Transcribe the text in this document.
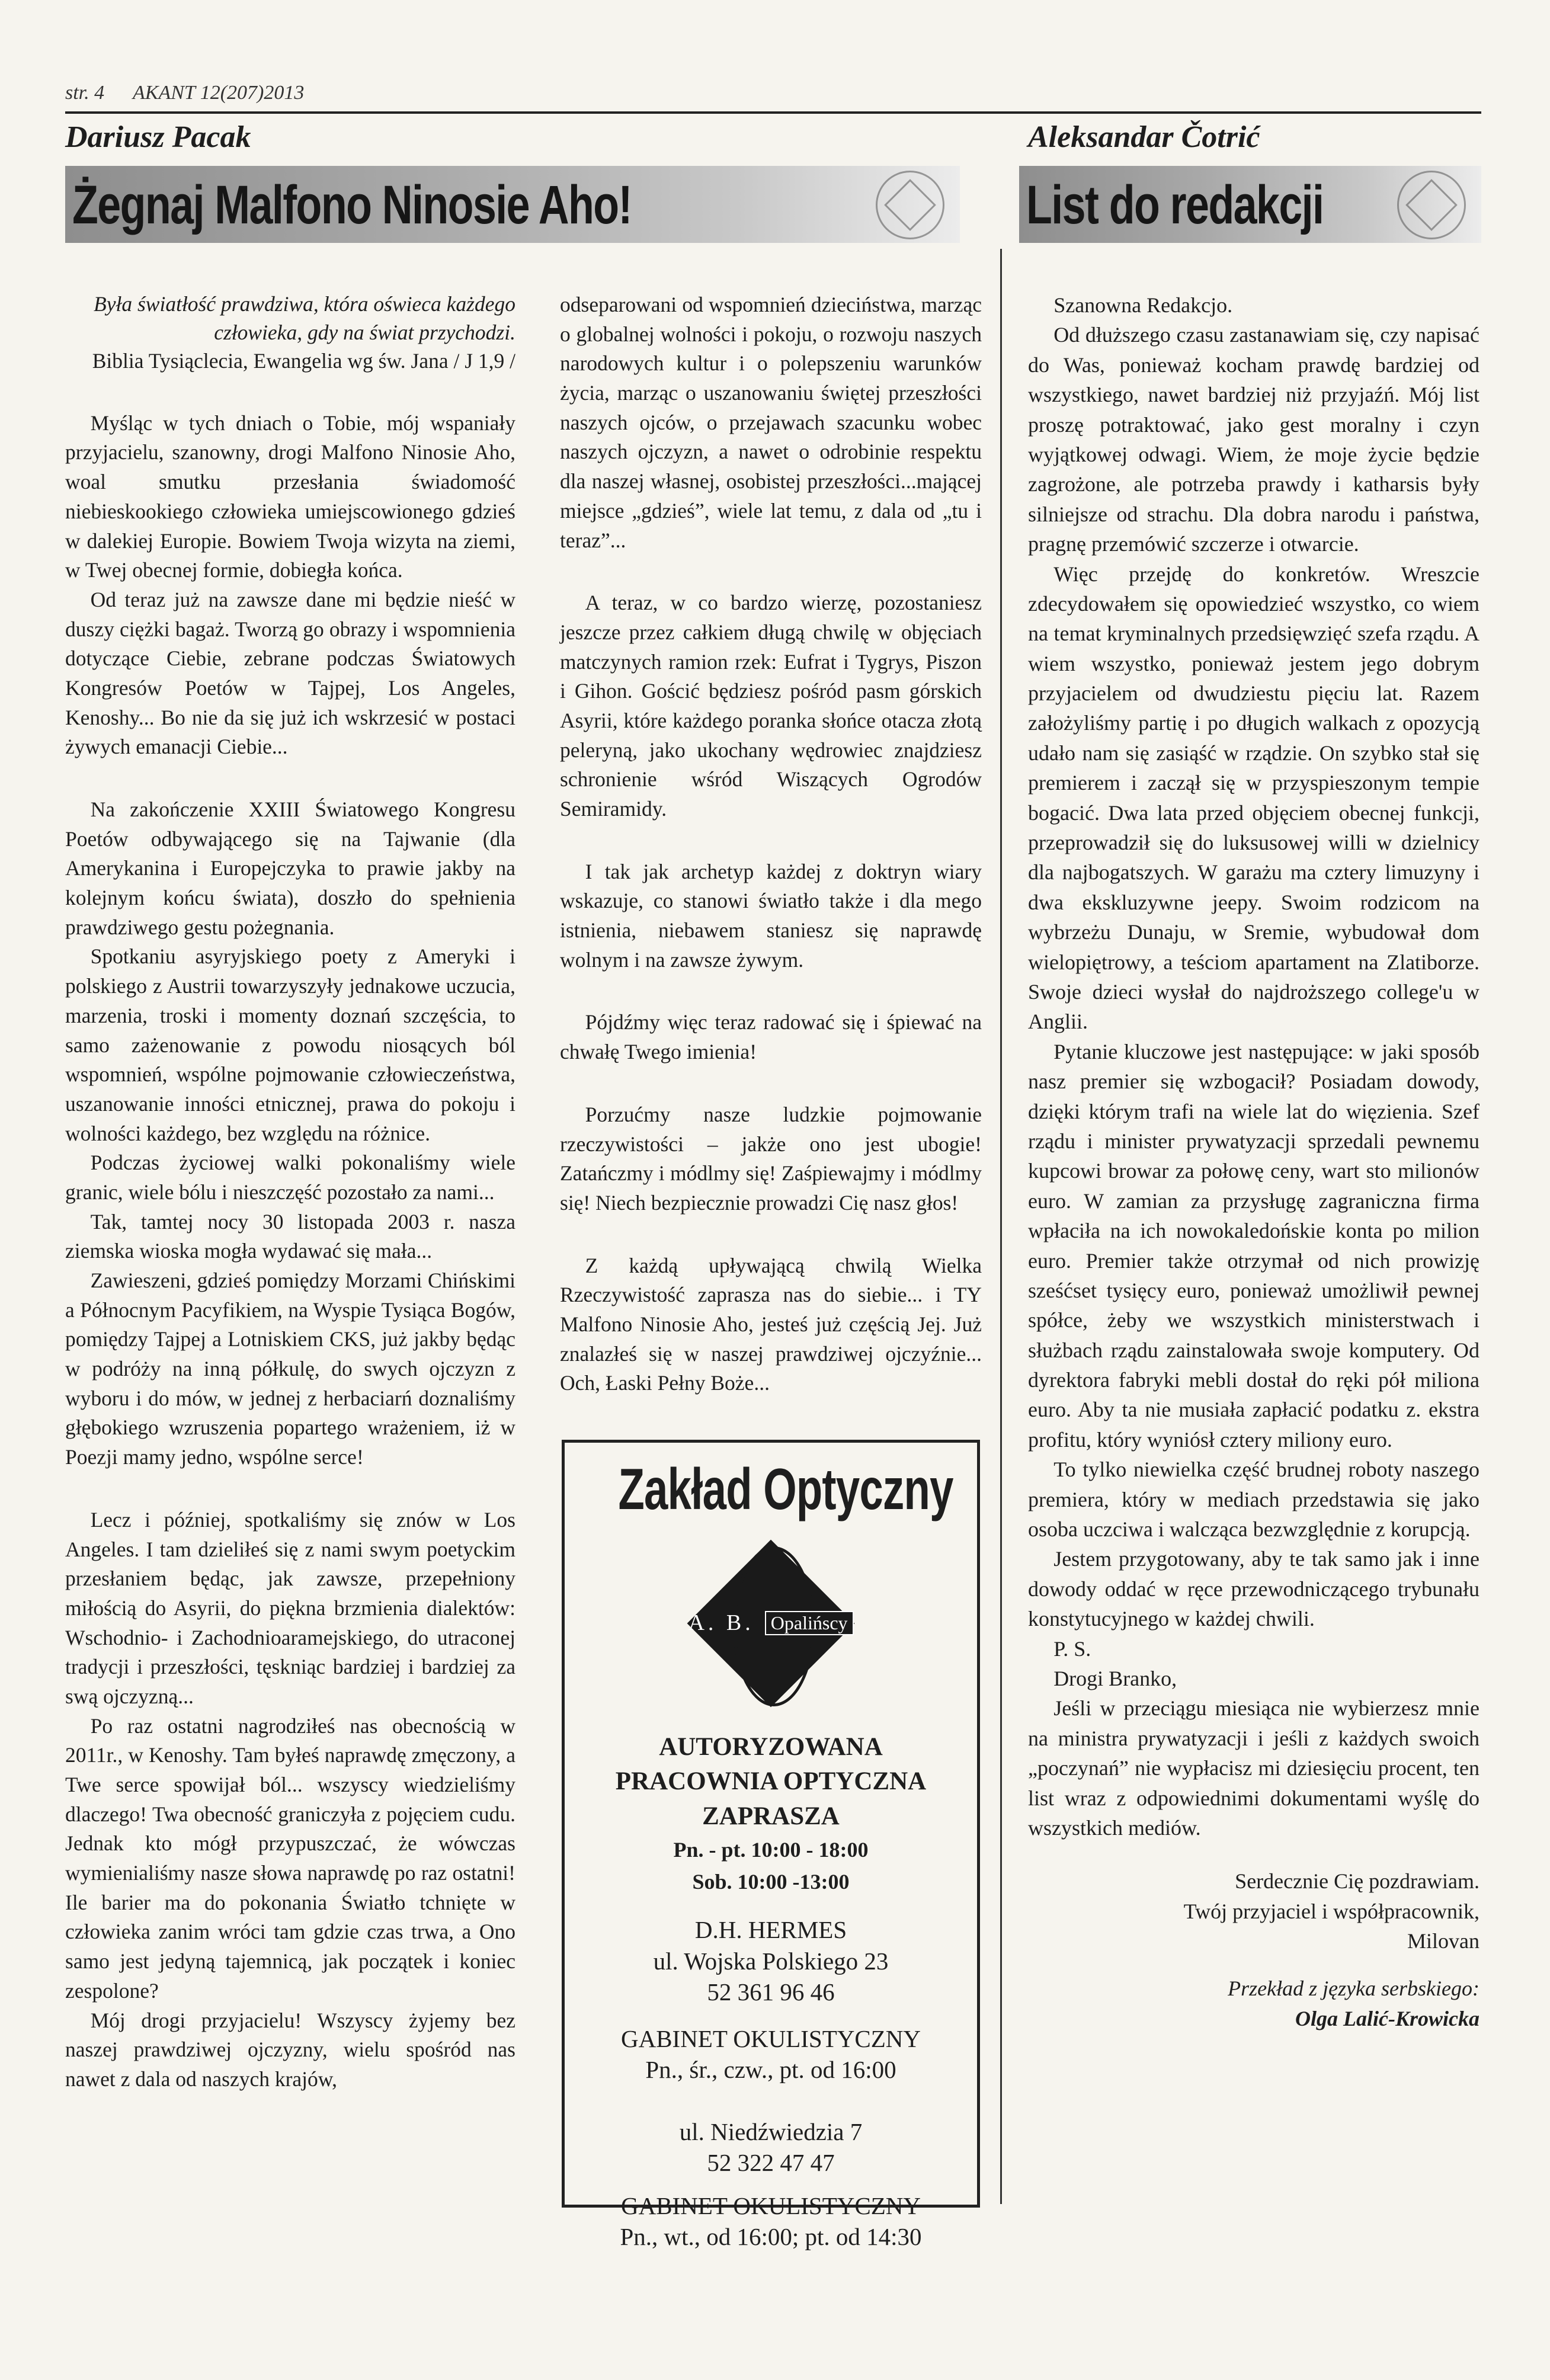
str. 4 AKANT 12(207)2013
Dariusz Pacak
Żegnaj Malfono Ninosie Aho!
Aleksandar Čotrić
List do redakcji
Była światłość prawdziwa, która oświeca każdego człowieka, gdy na świat przychodzi.
Biblia Tysiąclecia, Ewangelia wg św. Jana / J 1,9 /

Myśląc w tych dniach o Tobie, mój wspaniały przyjacielu, szanowny, drogi Malfono Ninosie Aho, woal smutku przesłania świadomość niebieskookiego człowieka umiejscowionego gdzieś w dalekiej Europie. Bowiem Twoja wizyta na ziemi, w Twej obecnej formie, dobiegła końca.

Od teraz już na zawsze dane mi będzie nieść w duszy ciężki bagaż. Tworzą go obrazy i wspomnienia dotyczące Ciebie, zebrane podczas Światowych Kongresów Poetów w Tajpej, Los Angeles, Kenoshy... Bo nie da się już ich wskrzesić w postaci żywych emanacji Ciebie...

Na zakończenie XXIII Światowego Kongresu Poetów odbywającego się na Tajwanie (dla Amerykanina i Europejczyka to prawie jakby na kolejnym końcu świata), doszło do spełnienia prawdziwego gestu pożegnania.

Spotkaniu asyryjskiego poety z Ameryki i polskiego z Austrii towarzyszyły jednakowe uczucia, marzenia, troski i momenty doznań szczęścia, to samo zażenowanie z powodu niosących ból wspomnień, wspólne pojmowanie człowieczeństwa, uszanowanie inności etnicznej, prawa do pokoju i wolności każdego, bez względu na różnice.

Podczas życiowej walki pokonaliśmy wiele granic, wiele bólu i nieszczęść pozostało za nami...

Tak, tamtej nocy 30 listopada 2003 r. nasza ziemska wioska mogła wydawać się mała...

Zawieszeni, gdzieś pomiędzy Morzami Chińskimi a Północnym Pacyfikiem, na Wyspie Tysiąca Bogów, pomiędzy Tajpej a Lotniskiem CKS, już jakby będąc w podróży na inną półkulę, do swych ojczyzn z wyboru i do mów, w jednej z herbaciarń doznaliśmy głębokiego wzruszenia popartego wrażeniem, iż w Poezji mamy jedno, wspólne serce!

Lecz i później, spotkaliśmy się znów w Los Angeles. I tam dzieliłeś się z nami swym poetyckim przesłaniem będąc, jak zawsze, przepełniony miłością do Asyrii, do piękna brzmienia dialektów: Wschodnio- i Zachodnioaramejskiego, do utraconej tradycji i przeszłości, tęskniąc bardziej i bardziej za swą ojczyzną...

Po raz ostatni nagrodziłeś nas obecnością w 2011r., w Kenoshy. Tam byłeś naprawdę zmęczony, a Twe serce spowijał ból... wszyscy wiedzieliśmy dlaczego! Twa obecność graniczyła z pojęciem cudu. Jednak kto mógł przypuszczać, że wówczas wymienialiśmy nasze słowa naprawdę po raz ostatni! Ile barier ma do pokonania Światło tchnięte w człowieka zanim wróci tam gdzie czas trwa, a Ono samo jest jedyną tajemnicą, jak początek i koniec zespolone?

Mój drogi przyjacielu! Wszyscy żyjemy bez naszej prawdziwej ojczyzny, wielu spośród nas nawet z dala od naszych krajów,

odseparowani od wspomnień dzieciństwa, marząc o globalnej wolności i pokoju, o rozwoju naszych narodowych kultur i o polepszeniu warunków życia, marząc o uszanowaniu świętej przeszłości naszych ojców, o przejawach szacunku wobec naszych ojczyzn, a nawet o odrobinie respektu dla naszej własnej, osobistej przeszłości...mającej miejsce „gdzieś”, wiele lat temu, z dala od „tu i teraz”...

A teraz, w co bardzo wierzę, pozostaniesz jeszcze przez całkiem długą chwilę w objęciach matczynych ramion rzek: Eufrat i Tygrys, Piszon i Gihon. Gościć będziesz pośród pasm górskich Asyrii, które każdego poranka słońce otacza złotą peleryną, jako ukochany wędrowiec znajdziesz schronienie wśród Wiszących Ogrodów Semiramidy.

I tak jak archetyp każdej z doktryn wiary wskazuje, co stanowi światło także i dla mego istnienia, niebawem staniesz się naprawdę wolnym i na zawsze żywym.

Pójdźmy więc teraz radować się i śpiewać na chwałę Twego imienia!

Porzućmy nasze ludzkie pojmowanie rzeczywistości – jakże ono jest ubogie! Zatańczmy i módlmy się! Zaśpiewajmy i módlmy się! Niech bezpiecznie prowadzi Cię nasz głos!

Z każdą upływającą chwilą Wielka Rzeczywistość zaprasza nas do siebie... i TY Malfono Ninosie Aho, jesteś już częścią Jej. Już znalazłeś się w naszej prawdziwej ojczyźnie... Och, Łaski Pełny Boże...

Zakład Optyczny
A. B. Opalińscy
AUTORYZOWANA
PRACOWNIA OPTYCZNA
ZAPRASZA
Pn. - pt. 10:00 - 18:00
Sob. 10:00 -13:00
D.H. HERMES
ul. Wojska Polskiego 23
52 361 96 46
GABINET OKULISTYCZNY
Pn., śr., czw., pt. od 16:00
ul. Niedźwiedzia 7
52 322 47 47
GABINET OKULISTYCZNY
Pn., wt., od 16:00; pt. od 14:30

Szanowna Redakcjo.

Od dłuższego czasu zastanawiam się, czy napisać do Was, ponieważ kocham prawdę bardziej od wszystkiego, nawet bardziej niż przyjaźń. Mój list proszę potraktować, jako gest moralny i czyn wyjątkowej odwagi. Wiem, że moje życie będzie zagrożone, ale potrzeba prawdy i katharsis były silniejsze od strachu. Dla dobra narodu i państwa, pragnę przemówić szczerze i otwarcie.

Więc przejdę do konkretów. Wreszcie zdecydowałem się opowiedzieć wszystko, co wiem na temat kryminalnych przedsięwzięć szefa rządu. A wiem wszystko, ponieważ jestem jego dobrym przyjacielem od dwudziestu pięciu lat. Razem założyliśmy partię i po długich walkach z opozycją udało nam się zasiąść w rządzie. On szybko stał się premierem i zaczął się w przyspieszonym tempie bogacić. Dwa lata przed objęciem obecnej funkcji, przeprowadził się do luksusowej willi w dzielnicy dla najbogatszych. W garażu ma cztery limuzyny i dwa ekskluzywne jeepy. Swoim rodzicom na wybrzeżu Dunaju, w Sremie, wybudował dom wielopiętrowy, a teściom apartament na Zlatiborze. Swoje dzieci wysłał do najdroższego college'u w Anglii.

Pytanie kluczowe jest następujące: w jaki sposób nasz premier się wzbogacił? Posiadam dowody, dzięki którym trafi na wiele lat do więzienia. Szef rządu i minister prywatyzacji sprzedali pewnemu kupcowi browar za połowę ceny, wart sto milionów euro. W zamian za przysługę zagraniczna firma wpłaciła na ich nowokaledońskie konta po milion euro. Premier także otrzymał od nich prowizję sześćset tysięcy euro, ponieważ umożliwił pewnej spółce, żeby we wszystkich ministerstwach i służbach rządu zainstalowała swoje komputery. Od dyrektora fabryki mebli dostał do ręki pół miliona euro. Aby ta nie musiała zapłacić podatku z. ekstra profitu, który wyniósł cztery miliony euro.

To tylko niewielka część brudnej roboty naszego premiera, który w mediach przedstawia się jako osoba uczciwa i walcząca bezwzględnie z korupcją.

Jestem przygotowany, aby te tak samo jak i inne dowody oddać w ręce przewodniczącego trybunału konstytucyjnego w każdej chwili.

P. S.

Drogi Branko,

Jeśli w przeciągu miesiąca nie wybierzesz mnie na ministra prywatyzacji i jeśli z każdych swoich „poczynań” nie wypłacisz mi dziesięciu procent, ten list wraz z odpowiednimi dokumentami wyślę do wszystkich mediów.

Serdecznie Cię pozdrawiam.

Twój przyjaciel i współpracownik,

Milovan

Przekład z języka serbskiego:
Olga Lalić-Krowicka
